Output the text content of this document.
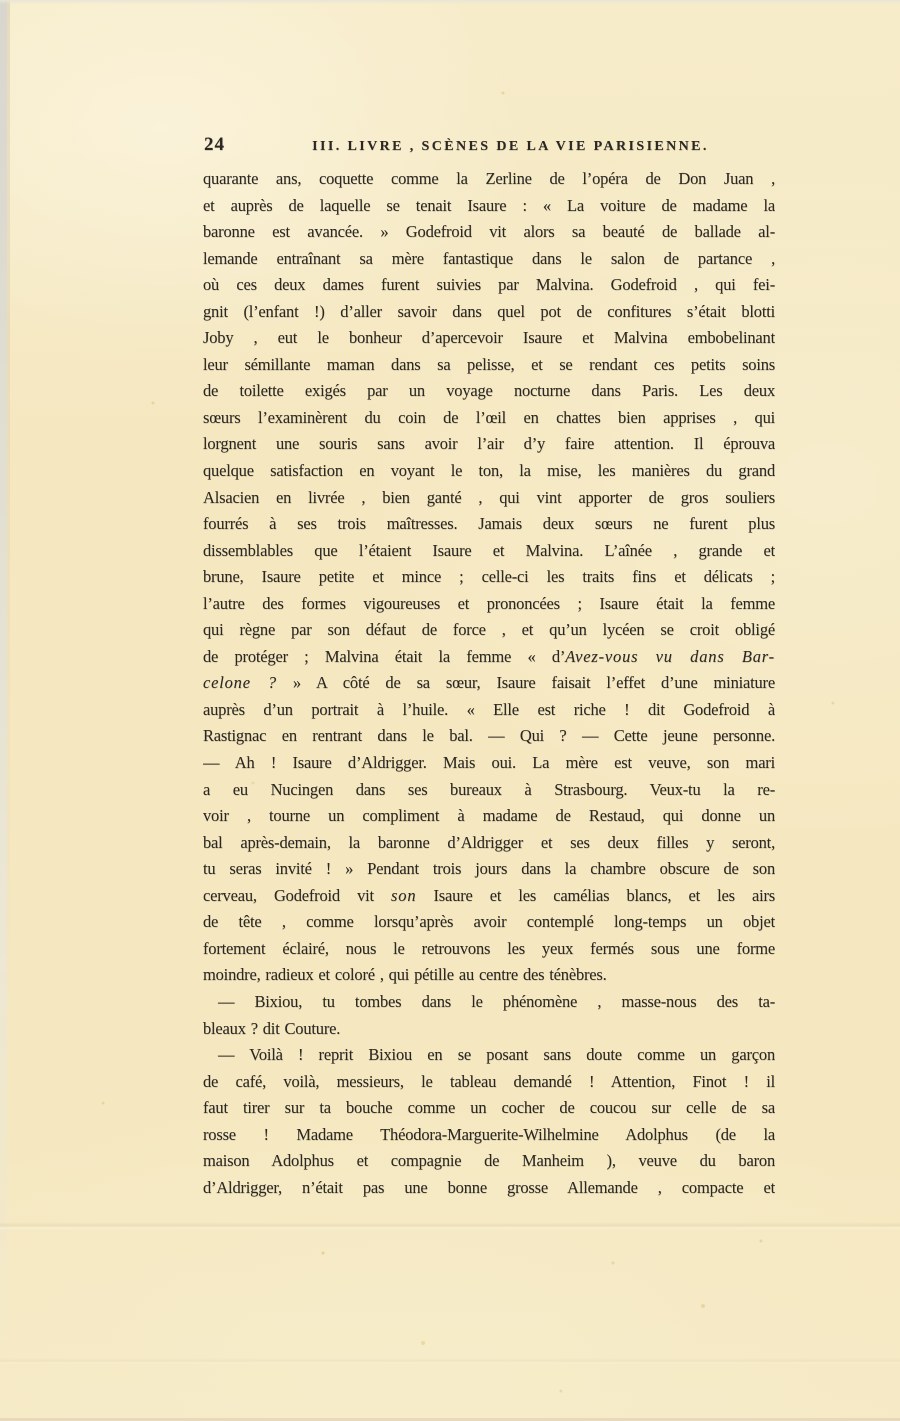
24	III. LIVRE , SCÈNES DE LA VIE PARISIENNE.
quarante ans, coquette comme la Zerline de l’opéra de Don Juan ,
et auprès de laquelle se tenait Isaure : « La voiture de madame la
baronne est avancée. » Godefroid vit alors sa beauté de ballade al-
lemande entraînant sa mère fantastique dans le salon de partance ,
où ces deux dames furent suivies par Malvina. Godefroid , qui fei-
gnit (l’enfant !) d’aller savoir dans quel pot de confitures s’était blotti
Joby , eut le bonheur d’apercevoir Isaure et Malvina embobelinant
leur sémillante maman dans sa pelisse, et se rendant ces petits soins
de toilette exigés par un voyage nocturne dans Paris. Les deux
sœurs l’examinèrent du coin de l’œil en chattes bien apprises , qui
lorgnent une souris sans avoir l’air d’y faire attention. Il éprouva
quelque satisfaction en voyant le ton, la mise, les manières du grand
Alsacien en livrée , bien ganté , qui vint apporter de gros souliers
fourrés à ses trois maîtresses. Jamais deux sœurs ne furent plus
dissemblables que l’étaient Isaure et Malvina. L’aînée , grande et
brune, Isaure petite et mince ; celle-ci les traits fins et délicats ;
l’autre des formes vigoureuses et prononcées ; Isaure était la femme
qui règne par son défaut de force , et qu’un lycéen se croit obligé
de protéger ; Malvina était la femme « d’Avez-vous vu dans Bar-
celone ? » A côté de sa sœur, Isaure faisait l’effet d’une miniature
auprès d’un portrait à l’huile. « Elle est riche ! dit Godefroid à
Rastignac en rentrant dans le bal. — Qui ? — Cette jeune personne.
— Ah ! Isaure d’Aldrigger. Mais oui. La mère est veuve, son mari
a eu Nucingen dans ses bureaux à Strasbourg. Veux-tu la re-
voir , tourne un compliment à madame de Restaud, qui donne un
bal après-demain, la baronne d’Aldrigger et ses deux filles y seront,
tu seras invité ! » Pendant trois jours dans la chambre obscure de son
cerveau, Godefroid vit son Isaure et les camélias blancs, et les airs
de tête , comme lorsqu’après avoir contemplé long-temps un objet
fortement éclairé, nous le retrouvons les yeux fermés sous une forme
moindre, radieux et coloré , qui pétille au centre des ténèbres.
— Bixiou, tu tombes dans le phénomène , masse-nous des ta-
bleaux ? dit Couture.
— Voilà ! reprit Bixiou en se posant sans doute comme un garçon
de café, voilà, messieurs, le tableau demandé ! Attention, Finot ! il
faut tirer sur ta bouche comme un cocher de coucou sur celle de sa
rosse ! Madame Théodora-Marguerite-Wilhelmine Adolphus (de la
maison Adolphus et compagnie de Manheim ), veuve du baron
d’Aldrigger, n’était pas une bonne grosse Allemande , compacte et
